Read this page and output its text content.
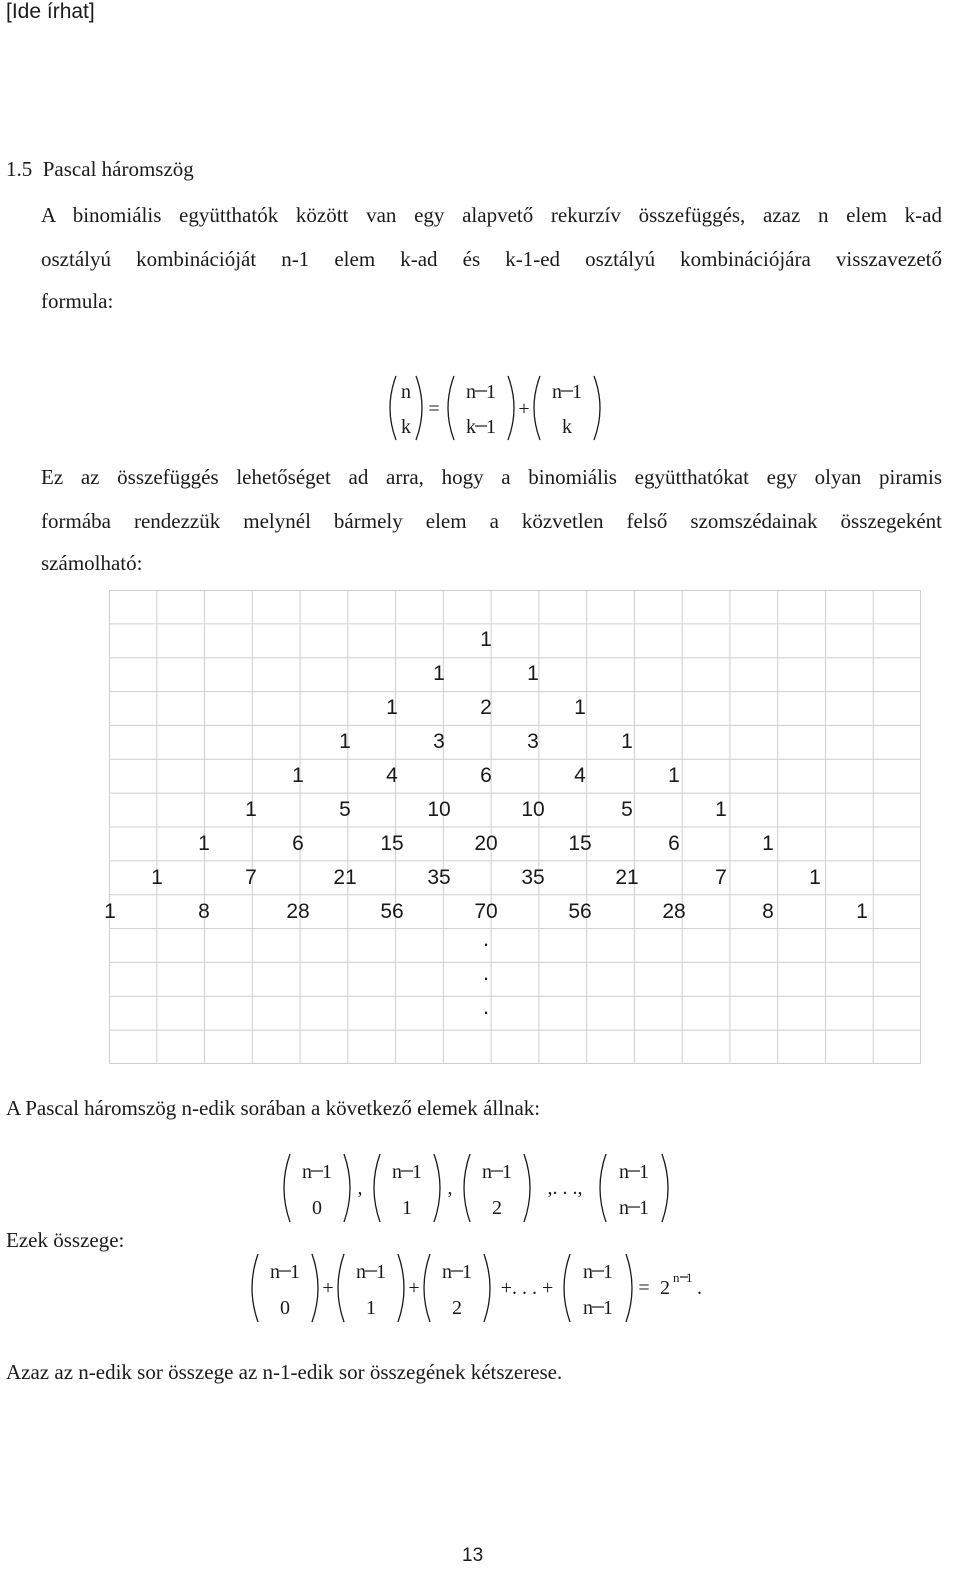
[Ide írhat]
1.5 Pascal háromszög
A binomiális együtthatók között van egy alapvető rekurzív összefüggés, azaz n elem k-ad
osztályú kombinációját n-1 elem k-ad és k-1-ed osztályú kombinációjára visszavezető
formula:
n
k
=
n  1
k  1
+
n  1
k
Ez az összefüggés lehetőséget ad arra, hogy a binomiális együtthatókat egy olyan piramis
formába rendezzük melynél bármely elem a közvetlen felső szomszédainak összegeként
számolható:
1
1	1
1	2	1
1	3	3	1
1	4	6	4	1
1	5	10	10	5	1
1	6	15	20	15	6	1
1	7	21	35	35	21	7	1
1	8	28	56	70	56	28	8	1
.
.
.
A Pascal háromszög n-edik sorában a következő elemek állnak:
n  1
0
,
n  1
1
,
n  1
2
,. . .,
n  1
n  1
Ezek összege:
n  1
0
+
n  1
1
+
n  1
2
+. . . +
n  1
n  1
= 2 n  1 .
Azaz az n-edik sor összege az n-1-edik sor összegének kétszerese.
13
